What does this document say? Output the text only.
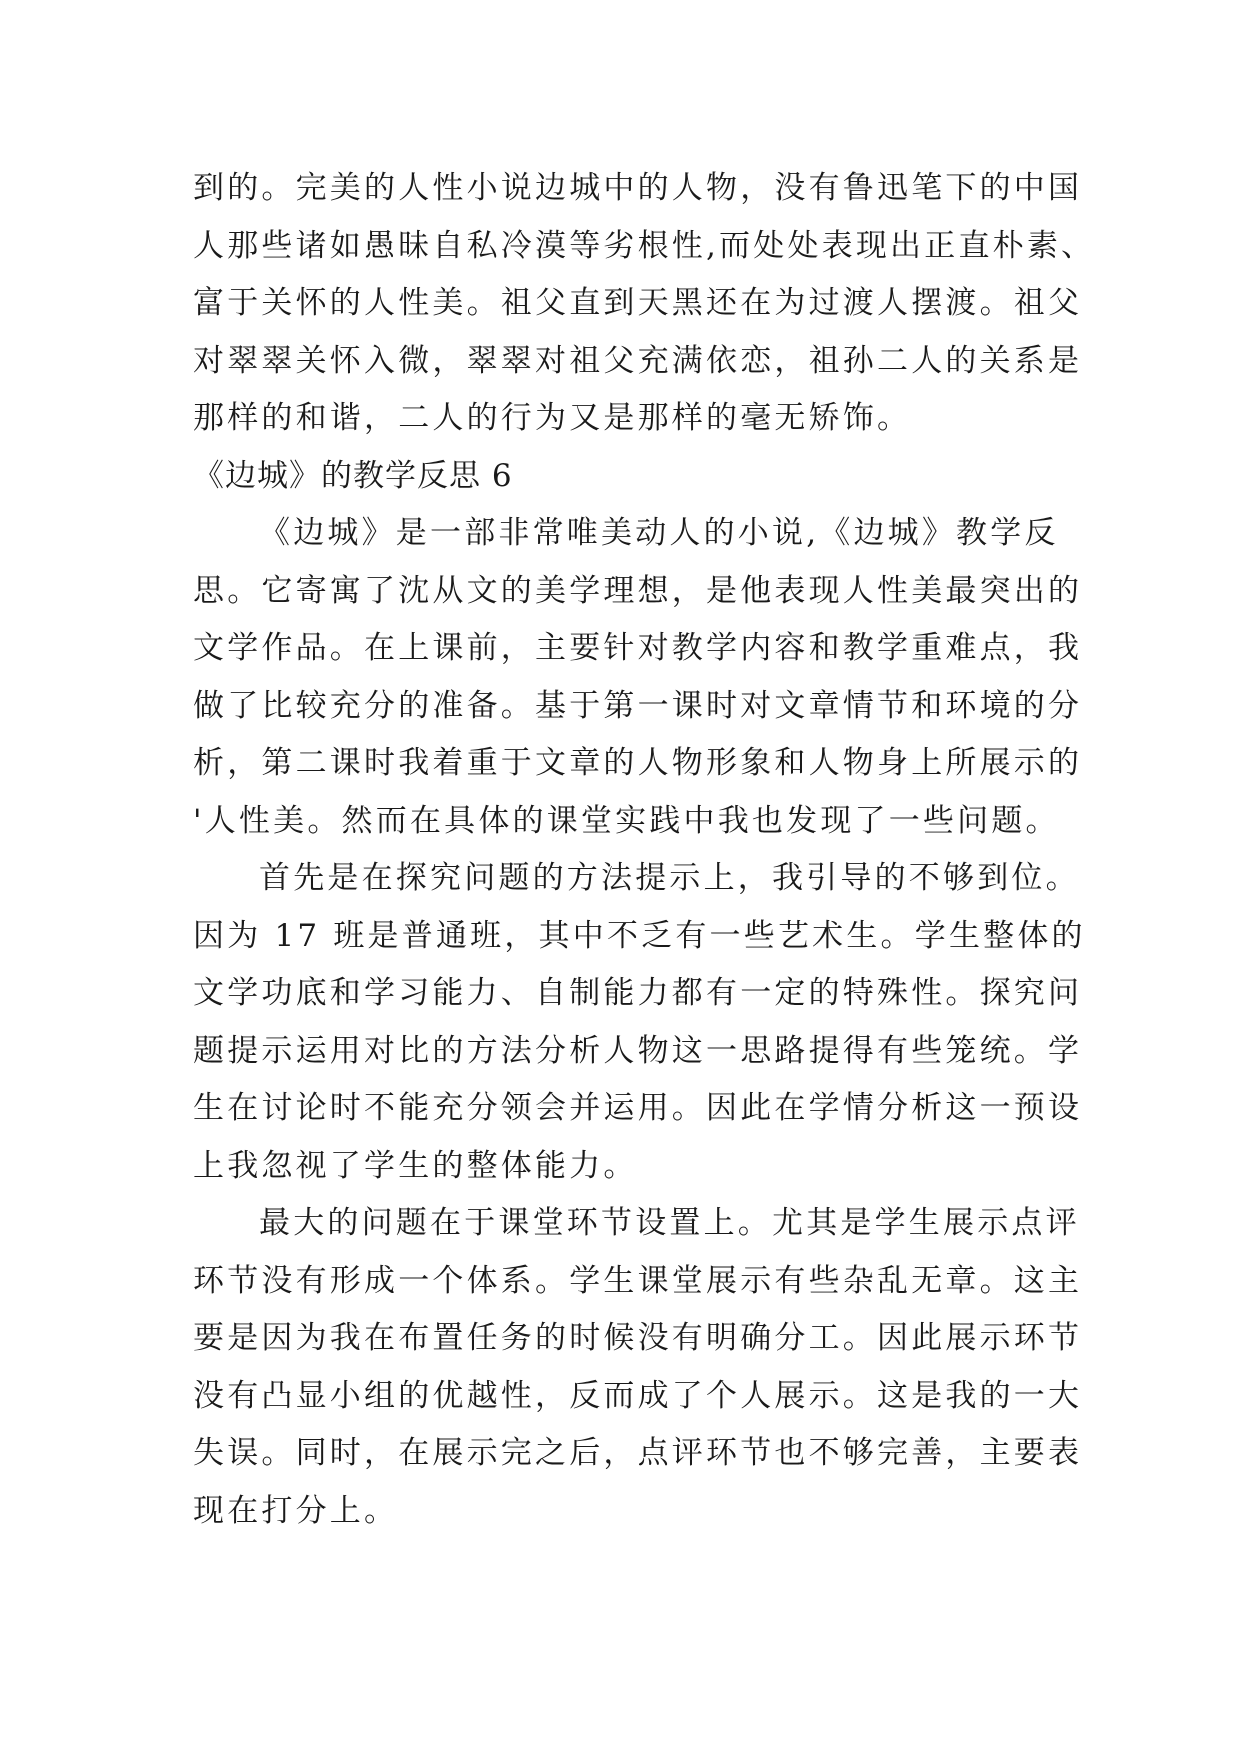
到的。完美的人性小说边城中的人物，没有鲁迅笔下的中国
人那些诸如愚昧自私冷漠等劣根性,而处处表现出正直朴素、
富于关怀的人性美。祖父直到天黑还在为过渡人摆渡。祖父
对翠翠关怀入微，翠翠对祖父充满依恋，祖孙二人的关系是
那样的和谐，二人的行为又是那样的毫无矫饰。
《边城》的教学反思 6
《边城》是一部非常唯美动人的小说,《边城》教学反
思。它寄寓了沈从文的美学理想，是他表现人性美最突出的
文学作品。在上课前，主要针对教学内容和教学重难点，我
做了比较充分的准备。基于第一课时对文章情节和环境的分
析，第二课时我着重于文章的人物形象和人物身上所展示的
'人性美。然而在具体的课堂实践中我也发现了一些问题。
首先是在探究问题的方法提示上，我引导的不够到位。
因为 17 班是普通班，其中不乏有一些艺术生。学生整体的
文学功底和学习能力、自制能力都有一定的特殊性。探究问
题提示运用对比的方法分析人物这一思路提得有些笼统。学
生在讨论时不能充分领会并运用。因此在学情分析这一预设
上我忽视了学生的整体能力。
最大的问题在于课堂环节设置上。尤其是学生展示点评
环节没有形成一个体系。学生课堂展示有些杂乱无章。这主
要是因为我在布置任务的时候没有明确分工。因此展示环节
没有凸显小组的优越性，反而成了个人展示。这是我的一大
失误。同时，在展示完之后，点评环节也不够完善，主要表
现在打分上。
